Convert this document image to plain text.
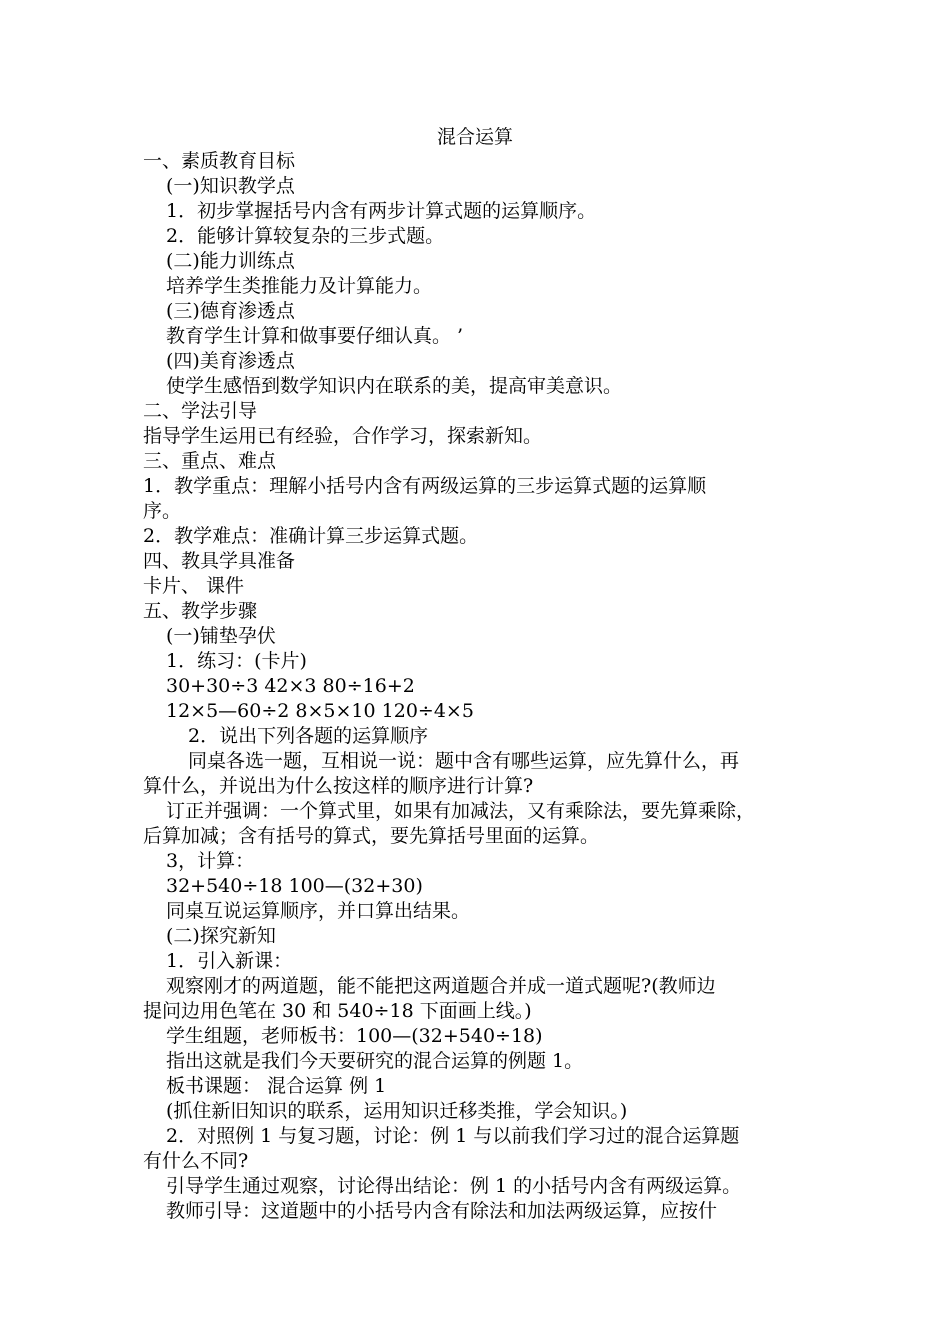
混合运算
一、素质教育目标
(一)知识教学点
1．初步掌握括号内含有两步计算式题的运算顺序。
2．能够计算较复杂的三步式题。
(二)能力训练点
培养学生类推能力及计算能力。
(三)德育渗透点
教育学生计算和做事要仔细认真。 ’
(四)美育渗透点
使学生感悟到数学知识内在联系的美，提高审美意识。
二、学法引导
指导学生运用已有经验，合作学习，探索新知。
三、重点、难点
1．教学重点：理解小括号内含有两级运算的三步运算式题的运算顺
序。
2．教学难点：准确计算三步运算式题。
四、教具学具准备
卡片、 课件
五、教学步骤
(一)铺垫孕伏
1．练习：(卡片)
30+30÷3 42×3 80÷16+2
12×5—60÷2 8×5×10 120÷4×5
2．说出下列各题的运算顺序
同桌各选一题，互相说一说：题中含有哪些运算，应先算什么，再
算什么，并说出为什么按这样的顺序进行计算?
订正并强调：一个算式里，如果有加减法，又有乘除法，要先算乘除，
后算加减；含有括号的算式，要先算括号里面的运算。
3，计算：
32+540÷18 100—(32+30)
同桌互说运算顺序，并口算出结果。
(二)探究新知
1．引入新课：
观察刚才的两道题，能不能把这两道题合并成一道式题呢?(教师边
提问边用色笔在 30 和 540÷18 下面画上线。)
学生组题，老师板书：100—(32+540÷18)
指出这就是我们今天要研究的混合运算的例题 1。
板书课题： 混合运算 例 1
(抓住新旧知识的联系，运用知识迁移类推，学会知识。)
2．对照例 1 与复习题，讨论：例 1 与以前我们学习过的混合运算题
有什么不同?
引导学生通过观察，讨论得出结论：例 1 的小括号内含有两级运算。
教师引导：这道题中的小括号内含有除法和加法两级运算，应按什
